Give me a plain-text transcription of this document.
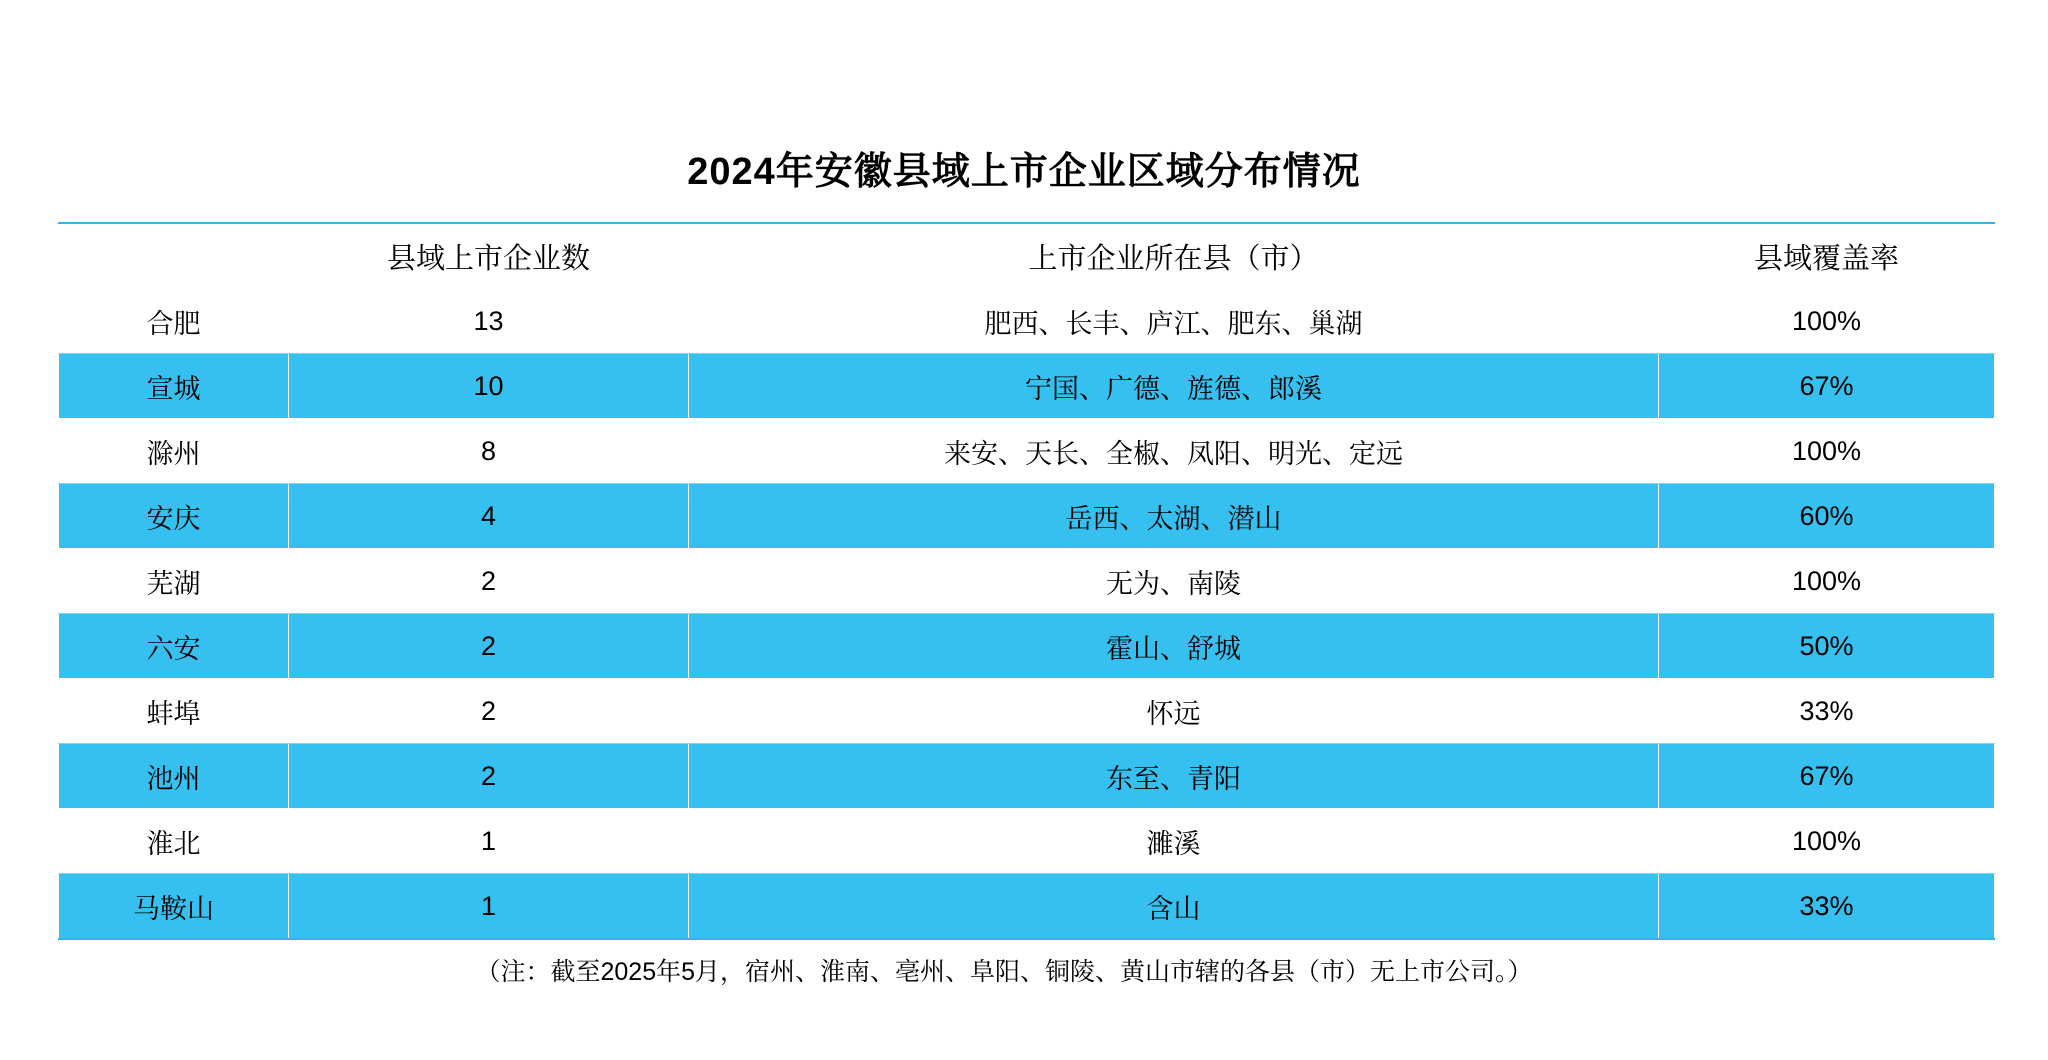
2024年安徽县域上市企业区域分布情况
	县域上市企业数	上市企业所在县（市）	县域覆盖率
合肥	13	肥西、长丰、庐江、肥东、巢湖	100%
宣城	10	宁国、广德、旌德、郎溪	67%
滁州	8	来安、天长、全椒、凤阳、明光、定远	100%
安庆	4	岳西、太湖、潜山	60%
芜湖	2	无为、南陵	100%
六安	2	霍山、舒城	50%
蚌埠	2	怀远	33%
池州	2	东至、青阳	67%
淮北	1	濉溪	100%
马鞍山	1	含山	33%
（注：截至2025年5月，宿州、淮南、亳州、阜阳、铜陵、黄山市辖的各县（市）无上市公司。）
